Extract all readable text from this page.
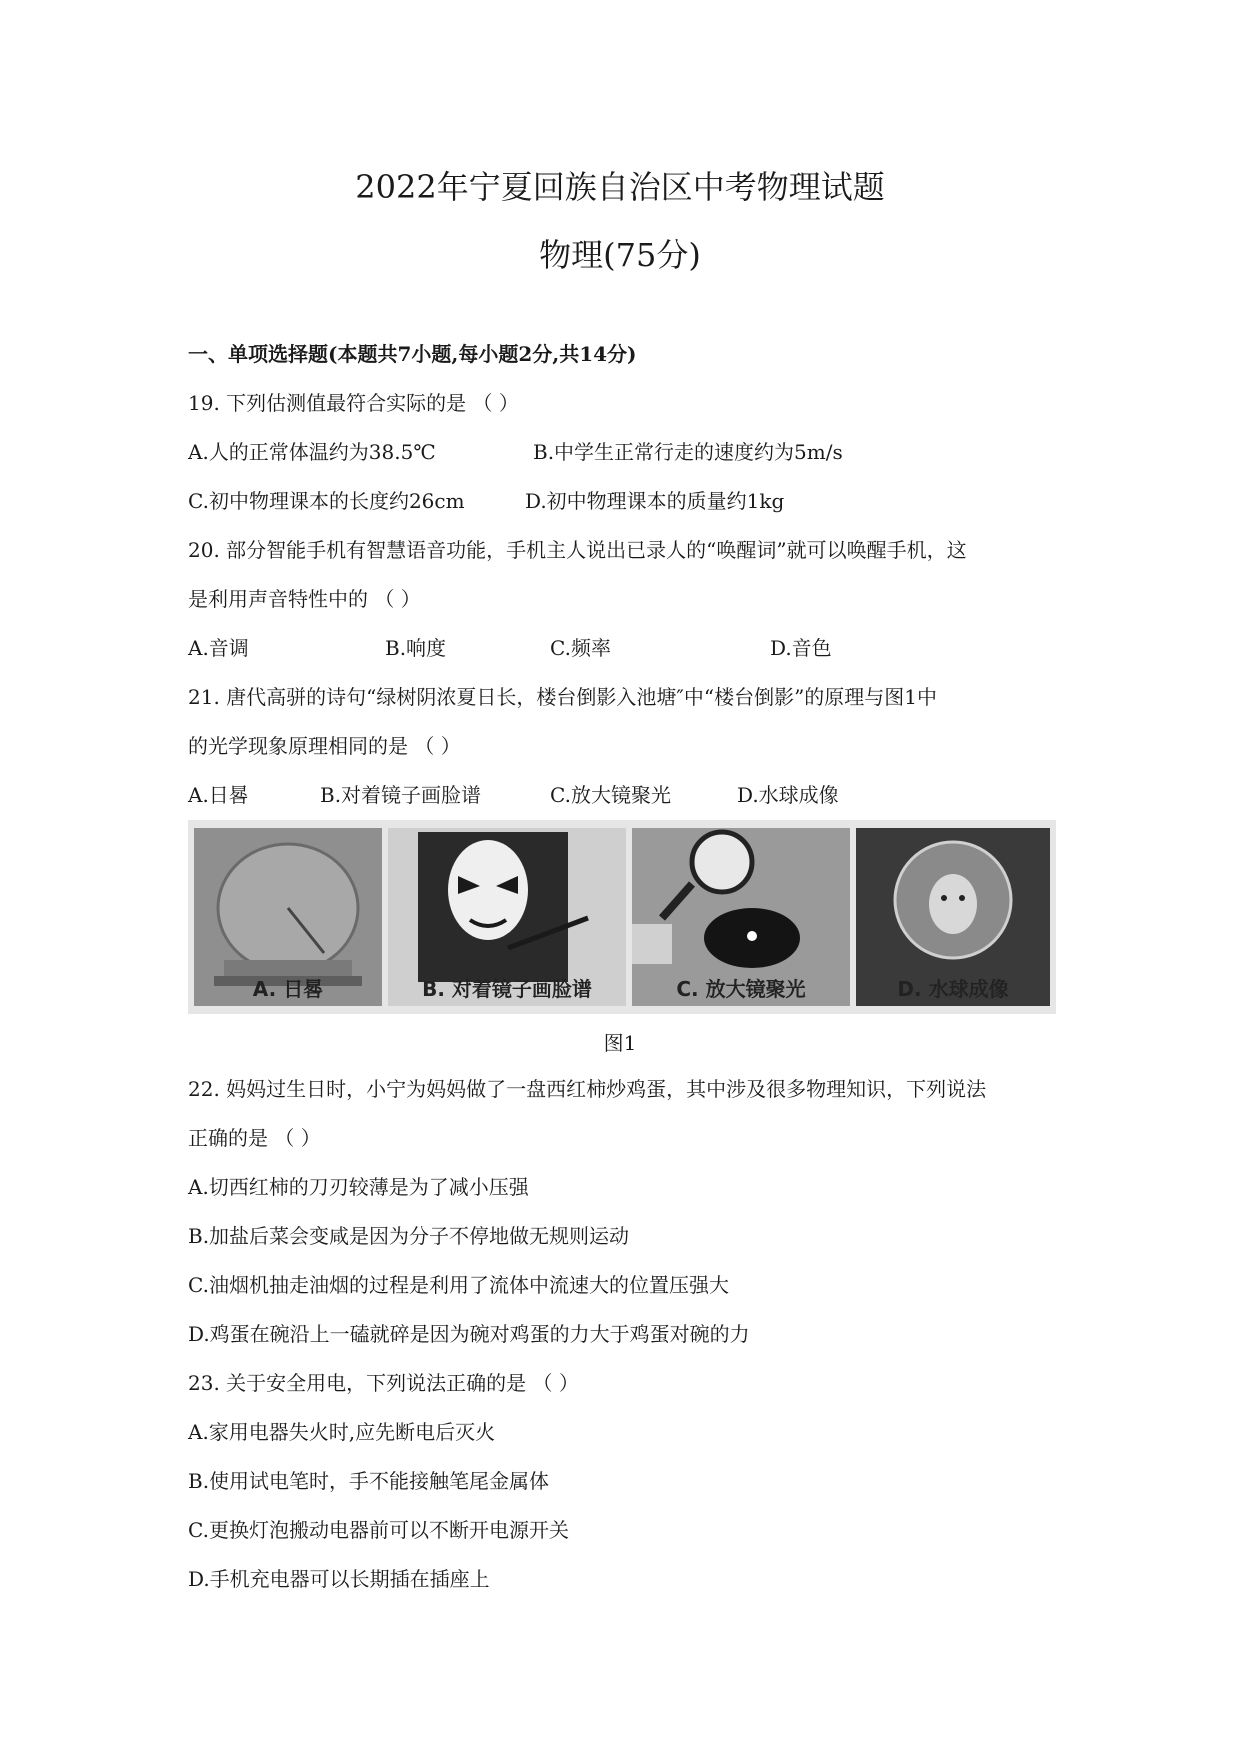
2022年宁夏回族自治区中考物理试题
物理(75分)
一、单项选择题(本题共7小题,每小题2分,共14分)
19. 下列估测值最符合实际的是 （ ）
A.人的正常体温约为38.5℃	B.中学生正常行走的速度约为5m/s
C.初中物理课本的长度约26cm	D.初中物理课本的质量约1kg
20. 部分智能手机有智慧语音功能，手机主人说出已录人的“唤醒词”就可以唤醒手机，这
是利用声音特性中的 （ ）
A.音调	B.响度	C.频率	D.音色
21. 唐代高骈的诗句“绿树阴浓夏日长，楼台倒影入池塘″中“楼台倒影”的原理与图1中
的光学现象原理相同的是 （ ）
A.日晷	B.对着镜子画脸谱	C.放大镜聚光	D.水球成像
A. 日晷	B. 对着镜子画脸谱	C. 放大镜聚光	D. 水球成像
图1
22. 妈妈过生日时，小宁为妈妈做了一盘西红柿炒鸡蛋，其中涉及很多物理知识，下列说法
正确的是 （ ）
A.切西红柿的刀刃较薄是为了减小压强
B.加盐后菜会变咸是因为分子不停地做无规则运动
C.油烟机抽走油烟的过程是利用了流体中流速大的位置压强大
D.鸡蛋在碗沿上一磕就碎是因为碗对鸡蛋的力大于鸡蛋对碗的力
23. 关于安全用电，下列说法正确的是 （ ）
A.家用电器失火时,应先断电后灭火
B.使用试电笔时，手不能接触笔尾金属体
C.更换灯泡搬动电器前可以不断开电源开关
D.手机充电器可以长期插在插座上
